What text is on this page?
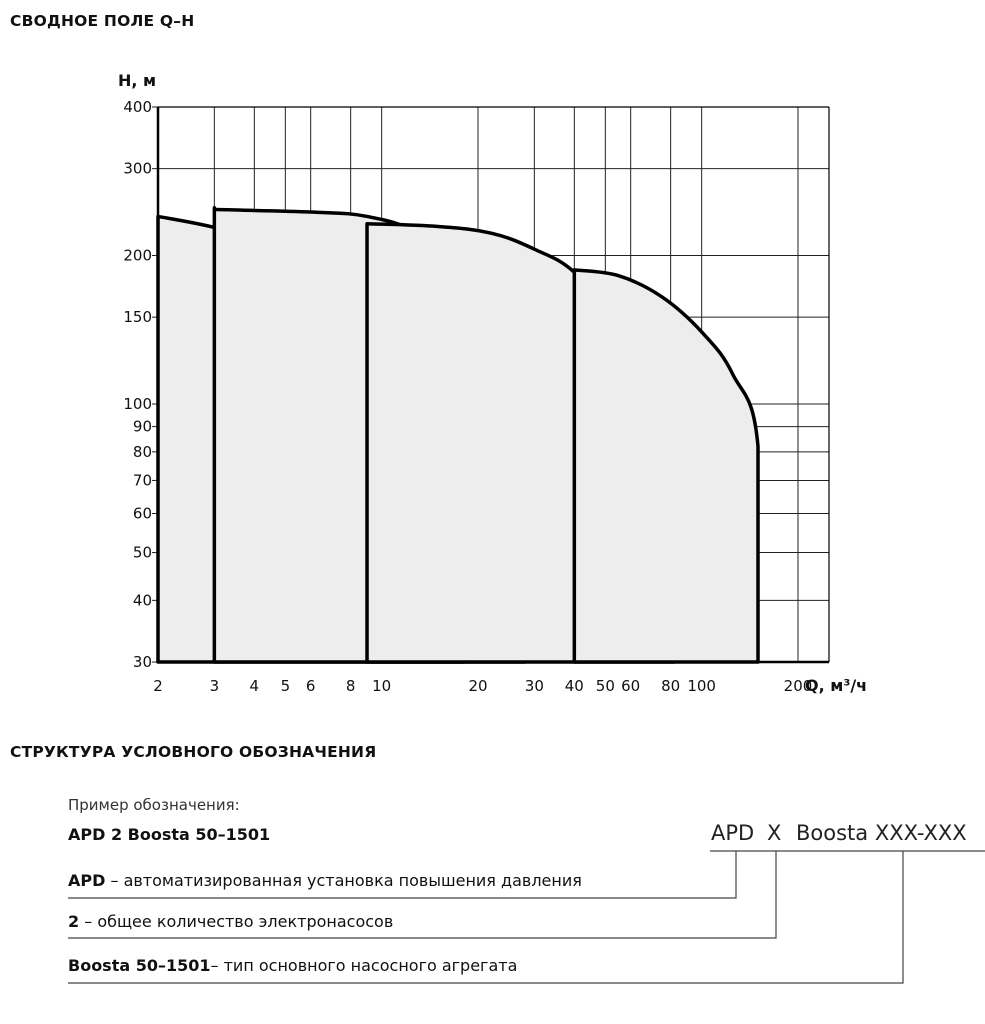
СВОДНОЕ ПОЛЕ Q–H
2	3 4 5 6 8 10	20 30 40 50 60 80 100	200
30
40
50
60
70
80
90
100
150
200
300
400
H, м
Q, м³/ч
СТРУКТУРА УСЛОВНОГО ОБОЗНАЧЕНИЯ
Пример обозначения:
APD 2 Boosta 50–1501	APD X Boosta XXX-XXX
APD – автоматизированная установка повышения давления
2 – общее количество электронасосов
Boosta 50–1501– тип основного насосного агрегата
